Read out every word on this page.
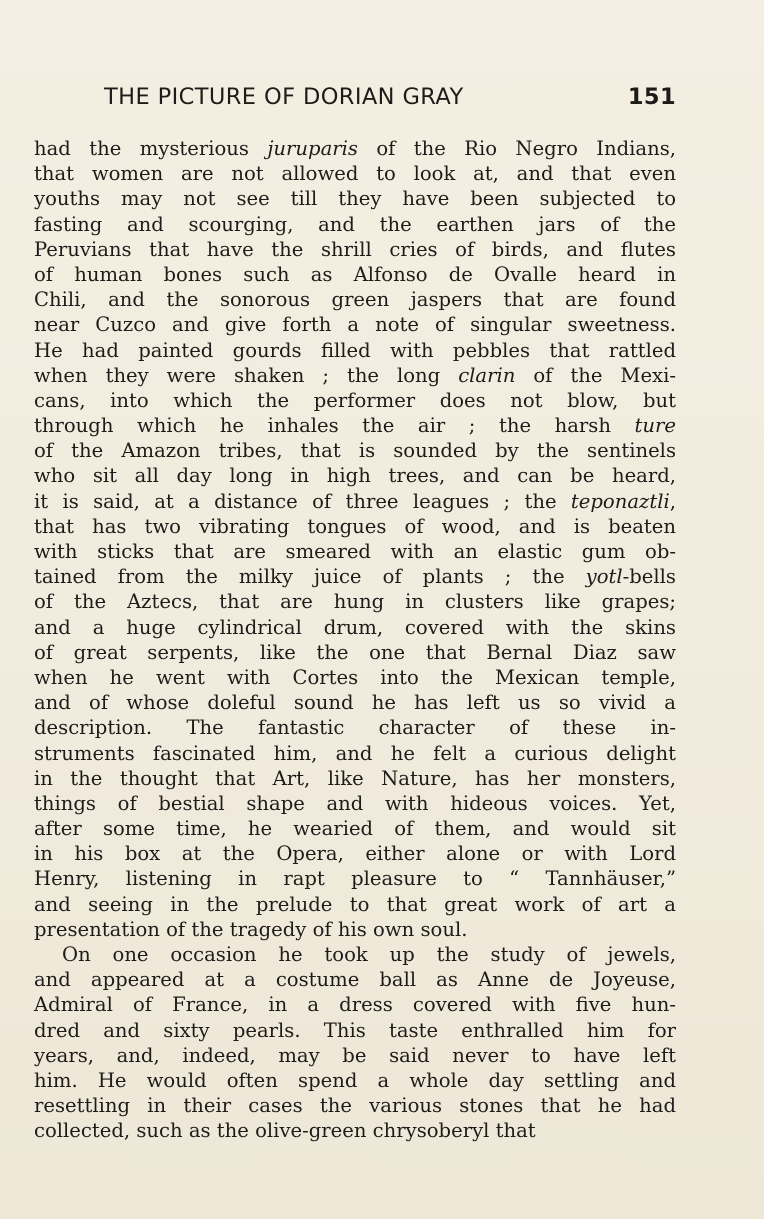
THE PICTURE OF DORIAN GRAY	151
had the mysterious juruparis of the Rio Negro Indians,
that women are not allowed to look at, and that even
youths may not see till they have been subjected to
fasting and scourging, and the earthen jars of the
Peruvians that have the shrill cries of birds, and flutes
of human bones such as Alfonso de Ovalle heard in
Chili, and the sonorous green jaspers that are found
near Cuzco and give forth a note of singular sweetness.
He had painted gourds filled with pebbles that rattled
when they were shaken ; the long clarin of the Mexi-
cans, into which the performer does not blow, but
through which he inhales the air ; the harsh ture
of the Amazon tribes, that is sounded by the sentinels
who sit all day long in high trees, and can be heard,
it is said, at a distance of three leagues ; the teponaztli,
that has two vibrating tongues of wood, and is beaten
with sticks that are smeared with an elastic gum ob-
tained from the milky juice of plants ; the yotl-bells
of the Aztecs, that are hung in clusters like grapes;
and a huge cylindrical drum, covered with the skins
of great serpents, like the one that Bernal Diaz saw
when he went with Cortes into the Mexican temple,
and of whose doleful sound he has left us so vivid a
description. The fantastic character of these in-
struments fascinated him, and he felt a curious delight
in the thought that Art, like Nature, has her monsters,
things of bestial shape and with hideous voices. Yet,
after some time, he wearied of them, and would sit
in his box at the Opera, either alone or with Lord
Henry, listening in rapt pleasure to “ Tannhäuser,”
and seeing in the prelude to that great work of art a
presentation of the tragedy of his own soul.
On one occasion he took up the study of jewels,
and appeared at a costume ball as Anne de Joyeuse,
Admiral of France, in a dress covered with five hun-
dred and sixty pearls. This taste enthralled him for
years, and, indeed, may be said never to have left
him. He would often spend a whole day settling and
resettling in their cases the various stones that he had
collected, such as the olive-green chrysoberyl that
